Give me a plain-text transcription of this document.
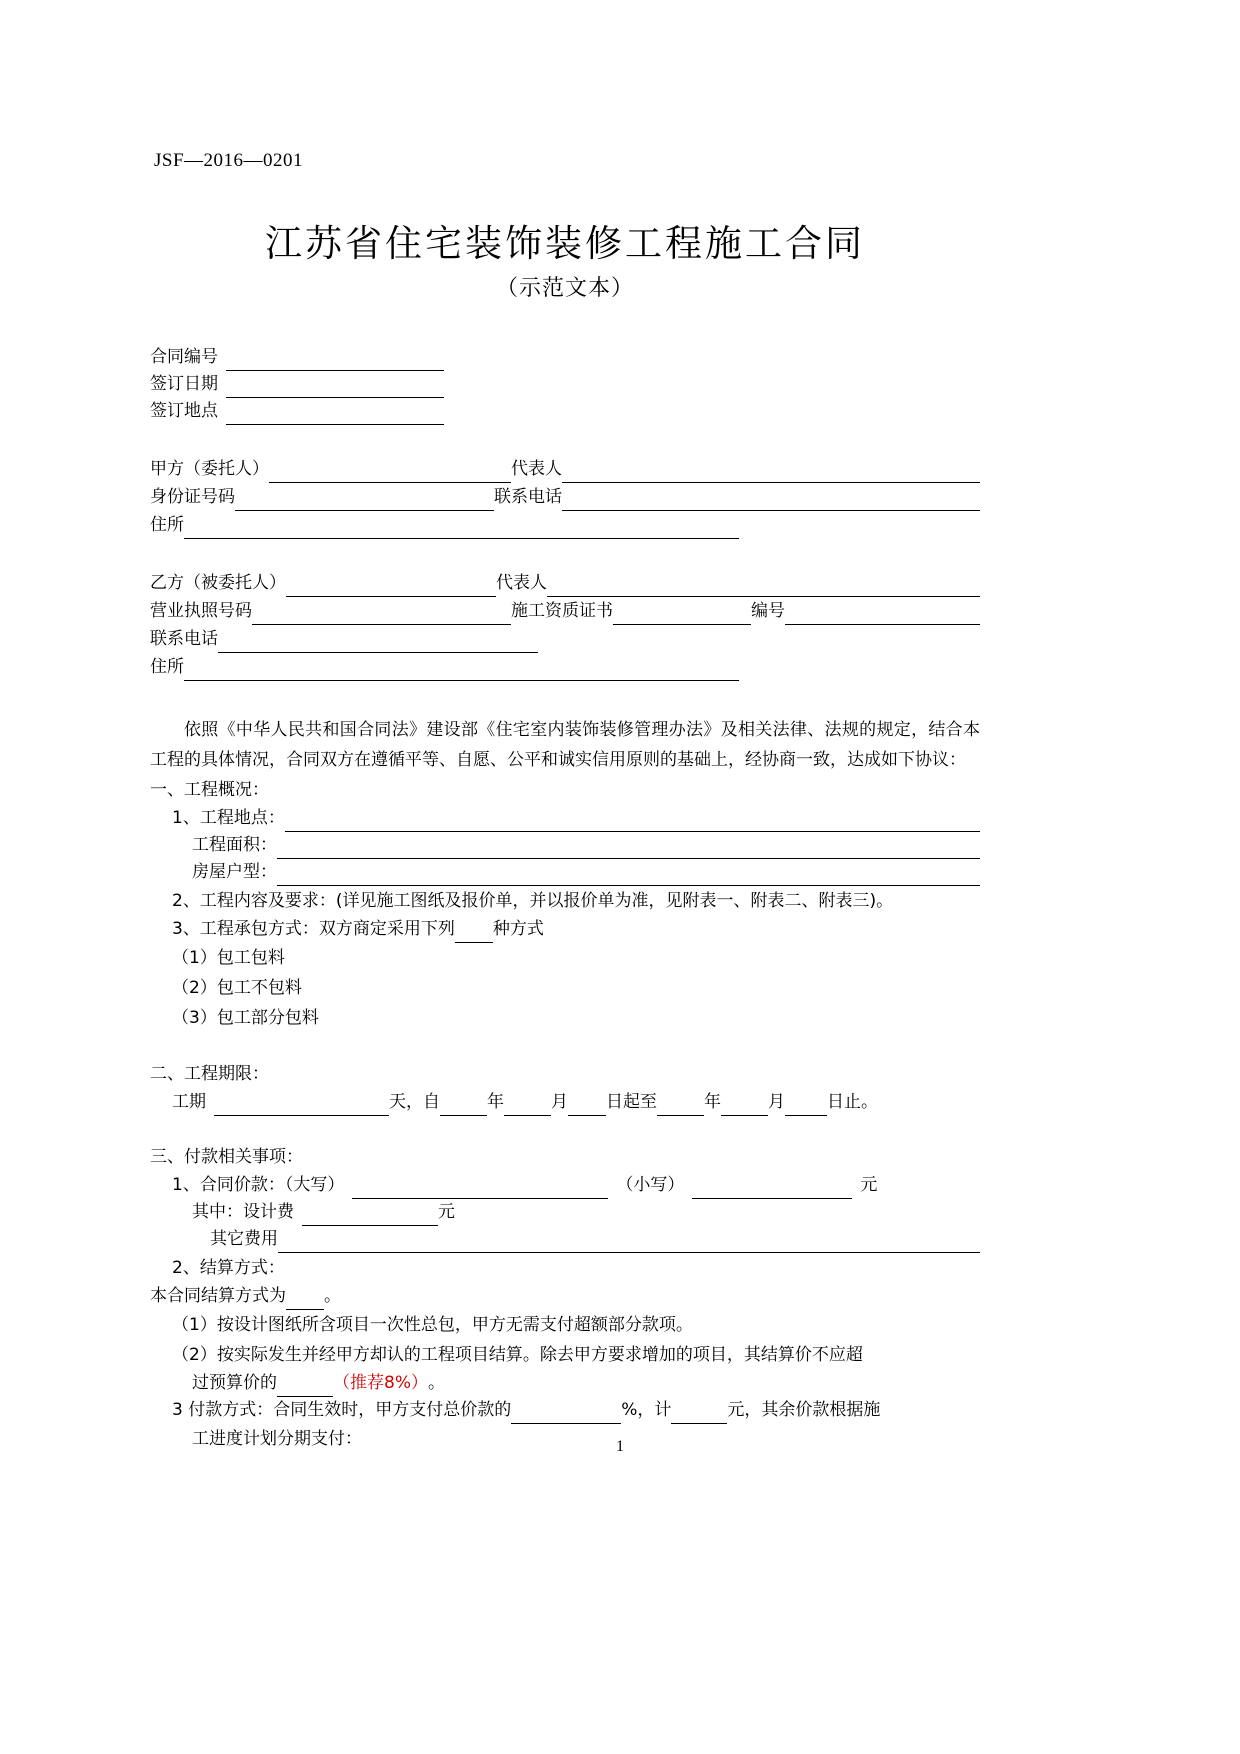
JSF—2016—0201
江苏省住宅装饰装修工程施工合同
（示范文本）
合同编号
签订日期
签订地点
甲方（委托人）	代表人
身份证号码	联系电话
住所
乙方（被委托人）	代表人
营业执照号码	施工资质证书	编号
联系电话
住所

依照《中华人民共和国合同法》建设部《住宅室内装饰装修管理办法》及相关法律、法规的规定，结合本工程的具体情况，合同双方在遵循平等、自愿、公平和诚实信用原则的基础上，经协商一致，达成如下协议：

一、工程概况：
1、工程地点：
工程面积：
房屋户型：
2、工程内容及要求：(详见施工图纸及报价单，并以报价单为准，见附表一、附表二、附表三)。
3、工程承包方式：双方商定采用下列 种方式
（1）包工包料
（2）包工不包料
（3）包工部分包料
二、工程期限：
工期	天，自	年	月 日起至	年	月 日止。
三、付款相关事项：
1、合同价款：（大写）	（小写）	元
其中：设计费	元
其它费用
2、结算方式：
本合同结算方式为 。
（1）按设计图纸所含项目一次性总包，甲方无需支付超额部分款项。
（2）按实际发生并经甲方却认的工程项目结算。除去甲方要求增加的项目，其结算价不应超
过预算价的	（推荐8%） 。
3 付款方式：合同生效时，甲方支付总价款的	%，计	元，其余价款根据施
工进度计划分期支付：	1
